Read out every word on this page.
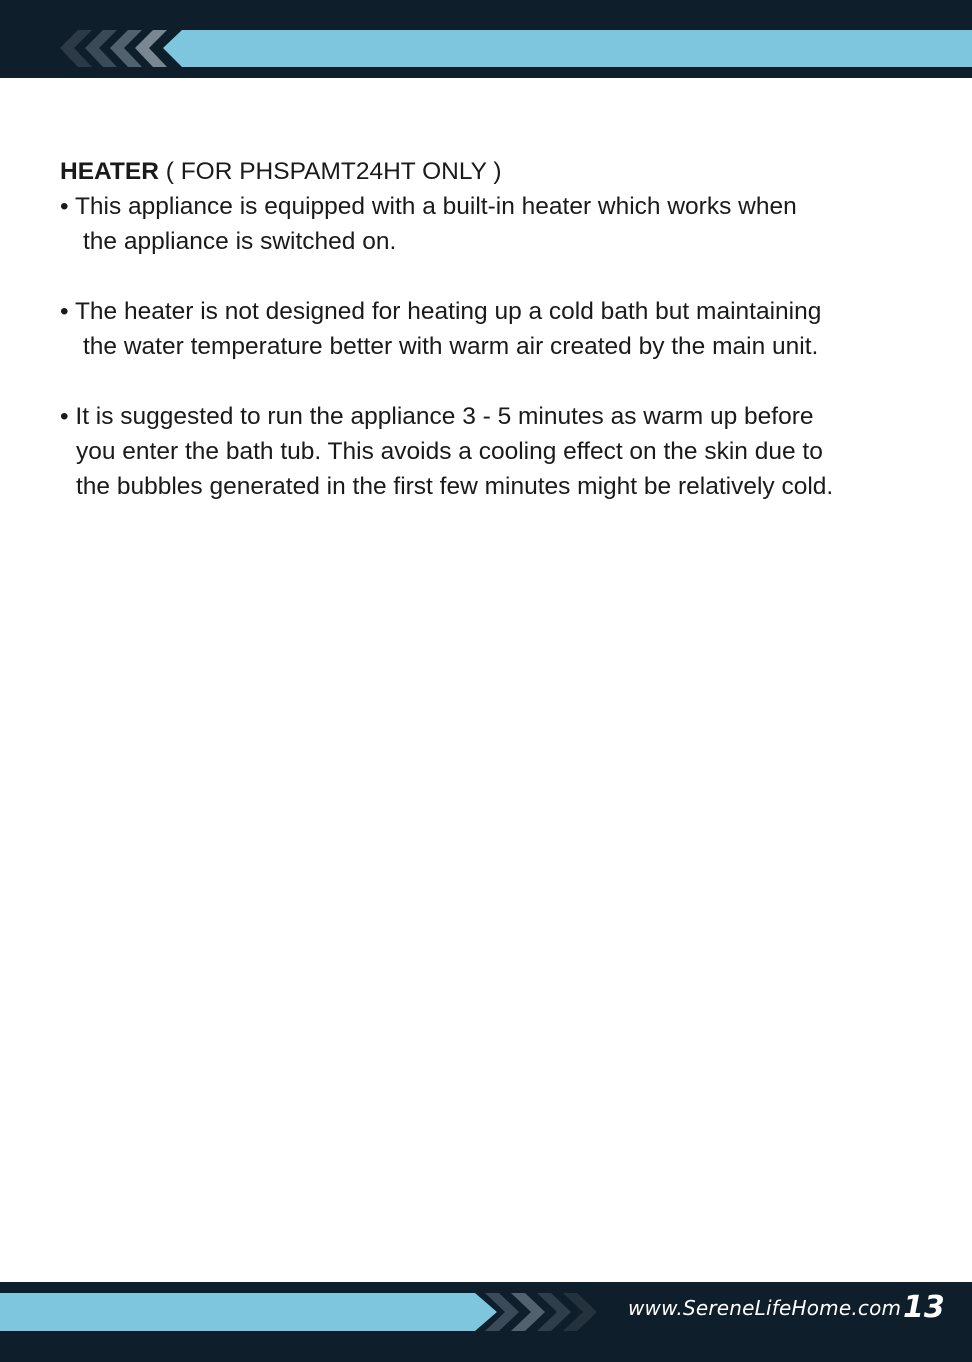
HEATER ( FOR PHSPAMT24HT ONLY )

• This appliance is equipped with a built-in heater which works when
the appliance is switched on.

• The heater is not designed for heating up a cold bath but maintaining
the water temperature better with warm air created by the main unit.

• It is suggested to run the appliance 3 - 5 minutes as warm up before
you enter the bath tub. This avoids a cooling effect on the skin due to
the bubbles generated in the first few minutes might be relatively cold.

www.SereneLifeHome.com 13
